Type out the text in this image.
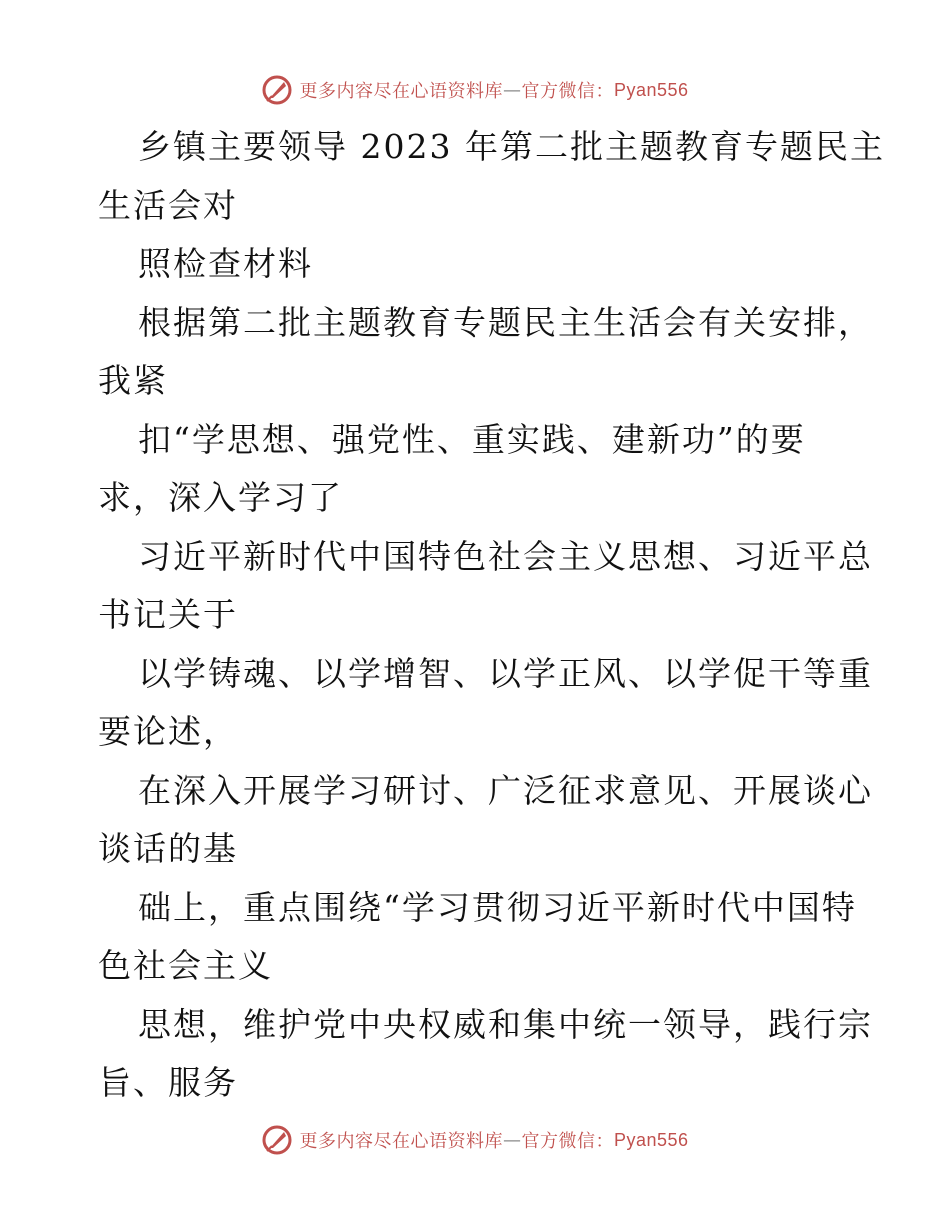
更多内容尽在心语资料库 — 官方微信： Pyan556
乡镇主要领导 2023 年第二批主题教育专题民主
生活会对
照检查材料
根据第二批主题教育专题民主生活会有关安排，
我紧
扣“学思想、强党性、重实践、建新功”的要
求，深入学习了
习近平新时代中国特色社会主义思想、习近平总
书记关于
以学铸魂、以学增智、以学正风、以学促干等重
要论述，
在深入开展学习研讨、广泛征求意见、开展谈心
谈话的基
础上，重点围绕“学习贯彻习近平新时代中国特
色社会主义
思想，维护党中央权威和集中统一领导，践行宗
旨、服务
更多内容尽在心语资料库 — 官方微信： Pyan556
